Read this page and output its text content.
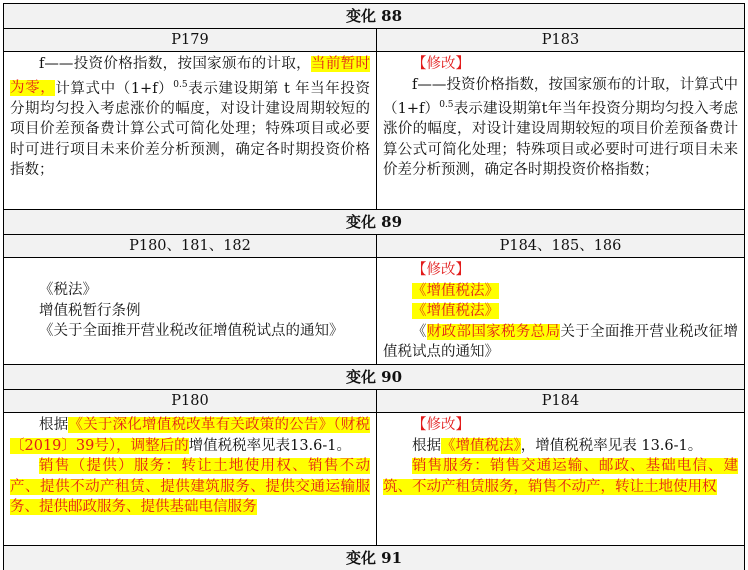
变化 88
P179	P183
f——投资价格指数，按国家颁布的计取，当前暂时为零，计算式中$(1+f)^{0.5}$表示建设期第 t 年当年投资分期均匀投入考虑涨价的幅度，对设计建设周期较短的项目价差预备费计算公式可简化处理；特殊项目或必要时可进行项目未来价差分析预测，确定各时期投资价格指数；
【修改】
f——投资价格指数，按国家颁布的计取，计算式中$(1+f)^{0.5}$表示建设期第t年当年投资分期均匀投入考虑涨价的幅度，对设计建设周期较短的项目价差预备费计算公式可简化处理；特殊项目或必要时可进行项目未来价差分析预测，确定各时期投资价格指数；
变化 89
P180、181、182	P184、185、186
《税法》
增值税暂行条例
《关于全面推开营业税改征增值税试点的通知》
【修改】
《增值税法》
《增值税法》
《财政部国家税务总局关于全面推开营业税改征增值税试点的通知》
变化 90
P180	P184
根据《关于深化增值税改革有关政策的公告》（财税〔2019〕39号），调整后的增值税税率见表13.6-1。
销售（提供）服务：转让土地使用权、销售不动产、提供不动产租赁、提供建筑服务、提供交通运输服务、提供邮政服务、提供基础电信服务
【修改】
根据《增值税法》，增值税税率见表 13.6-1。
销售服务：销售交通运输、邮政、基础电信、建筑、不动产租赁服务，销售不动产，转让土地使用权
变化 91
